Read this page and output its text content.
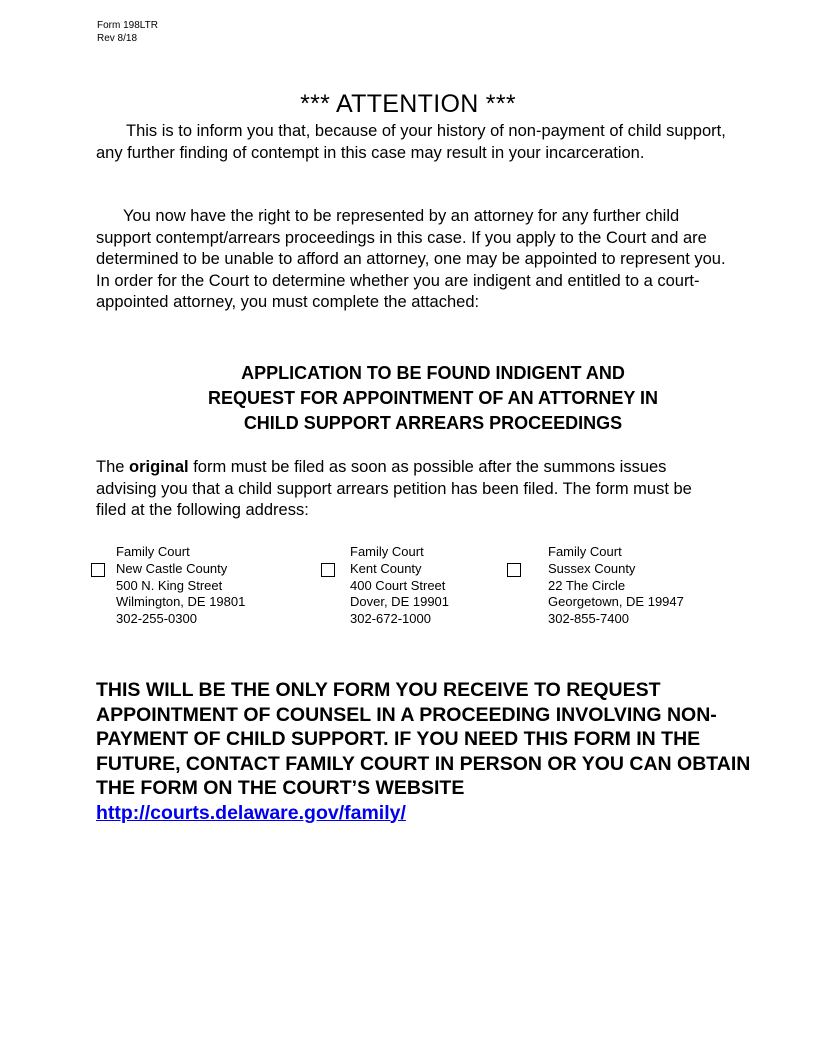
Form 198LTR
Rev 8/18
*** ATTENTION ***

This is to inform you that, because of your history of non-payment of child support, any further finding of contempt in this case may result in your incarceration.

You now have the right to be represented by an attorney for any further child support contempt/arrears proceedings in this case. If you apply to the Court and are determined to be unable to afford an attorney, one may be appointed to represent you. In order for the Court to determine whether you are indigent and entitled to a court-appointed attorney, you must complete the attached:

APPLICATION TO BE FOUND INDIGENT AND
REQUEST FOR APPOINTMENT OF AN ATTORNEY IN
CHILD SUPPORT ARREARS PROCEEDINGS

The original form must be filed as soon as possible after the summons issues advising you that a child support arrears petition has been filed. The form must be filed at the following address:

Family Court
New Castle County
500 N. King Street
Wilmington, DE 19801
302-255-0300
Family Court
Kent County
400 Court Street
Dover, DE 19901
302-672-1000
Family Court
Sussex County
22 The Circle
Georgetown, DE 19947
302-855-7400

THIS WILL BE THE ONLY FORM YOU RECEIVE TO REQUEST APPOINTMENT OF COUNSEL IN A PROCEEDING INVOLVING NON-PAYMENT OF CHILD SUPPORT. IF YOU NEED THIS FORM IN THE FUTURE, CONTACT FAMILY COURT IN PERSON OR YOU CAN OBTAIN THE FORM ON THE COURT’S WEBSITE http://courts.delaware.gov/family/
